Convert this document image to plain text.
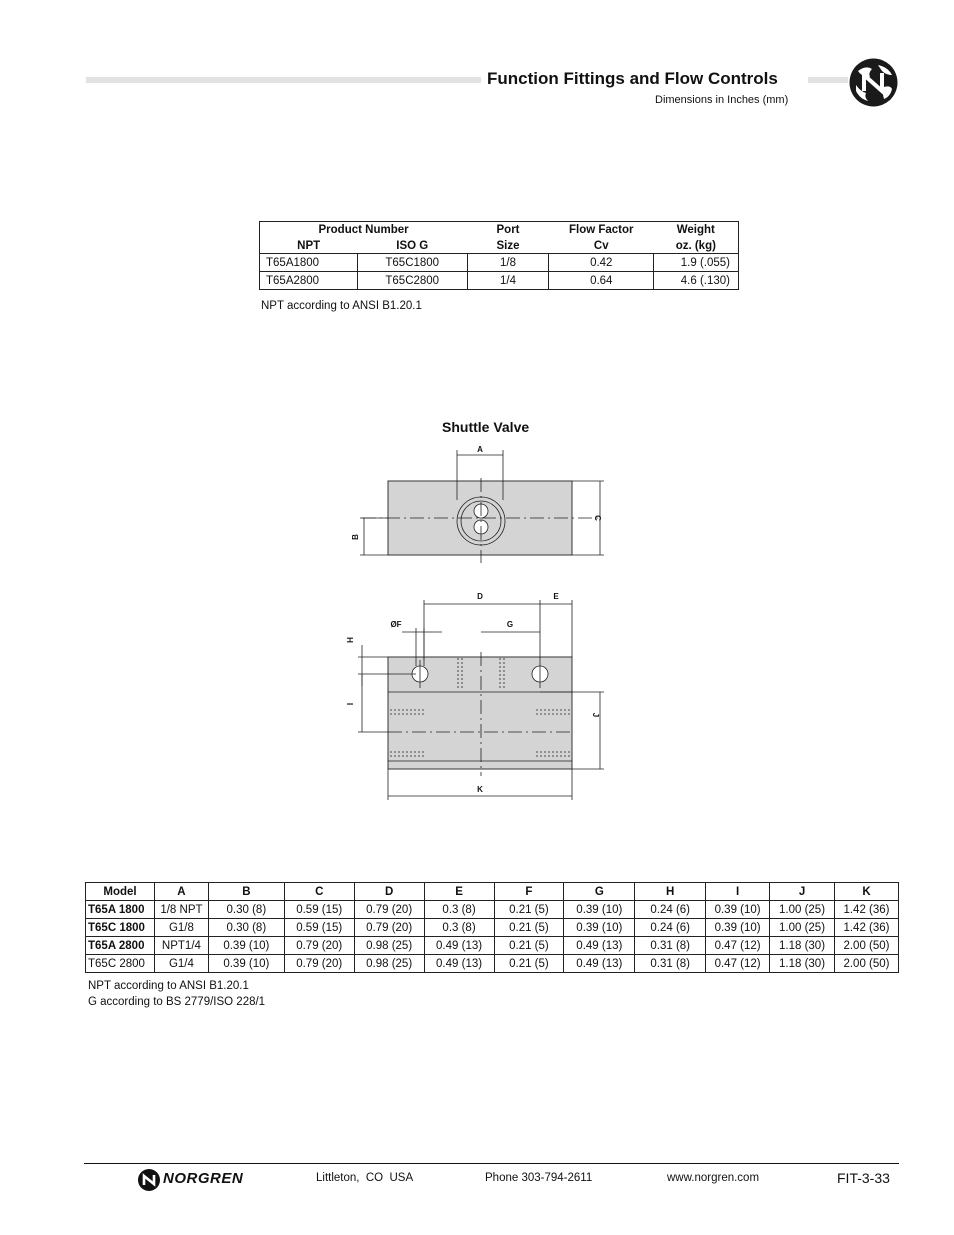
Function Fittings and Flow Controls
Dimensions in Inches (mm)
Product Number		Port	Flow Factor	Weight
NPT	ISO G	Size	Cv	oz. (kg)
T65A1800	T65C1800	1/8	0.42	1.9 (.055)
T65A2800	T65C2800	1/4	0.64	4.6 (.130)
NPT according to ANSI B1.20.1
Shuttle Valve
A
B
C
D	E
ØF	G
H
I
J
K
Model	A	B	C	D	E	F	G	H	I	J	K
T65A 1800	1/8 NPT	0.30 (8)	0.59 (15)	0.79 (20)	0.3 (8)	0.21 (5)	0.39 (10)	0.24 (6)	0.39 (10)	1.00 (25)	1.42 (36)
T65C 1800	G1/8	0.30 (8)	0.59 (15)	0.79 (20)	0.3 (8)	0.21 (5)	0.39 (10)	0.24 (6)	0.39 (10)	1.00 (25)	1.42 (36)
T65A 2800	NPT1/4	0.39 (10)	0.79 (20)	0.98 (25)	0.49 (13)	0.21 (5)	0.49 (13)	0.31 (8)	0.47 (12)	1.18 (30)	2.00 (50)
T65C 2800	G1/4	0.39 (10)	0.79 (20)	0.98 (25)	0.49 (13)	0.21 (5)	0.49 (13)	0.31 (8)	0.47 (12)	1.18 (30)	2.00 (50)
NPT according to ANSI B1.20.1
G according to BS 2779/ISO 228/1
NORGREN	Littleton,  CO  USA	Phone 303-794-2611	www.norgren.com	FIT-3-33
